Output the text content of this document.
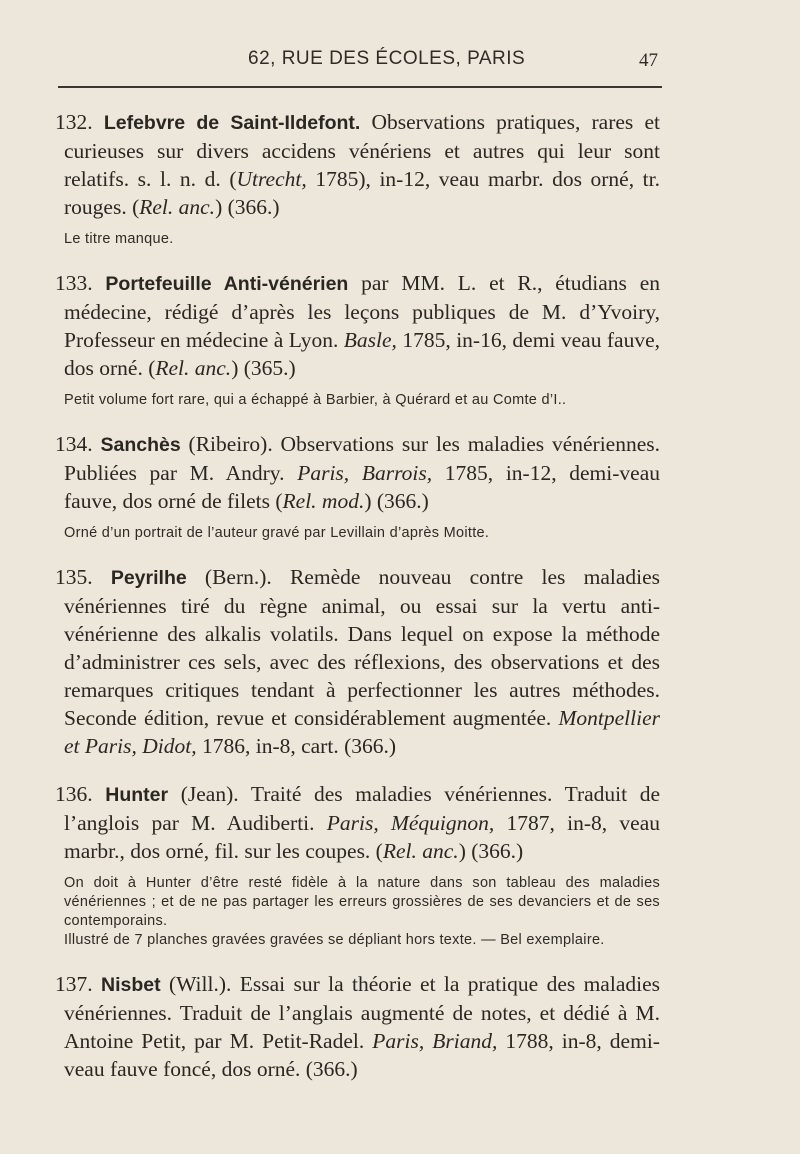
62, RUE DES ÉCOLES, PARIS	47
132. Lefebvre de Saint-Ildefont. Observations pratiques, rares et curieuses sur divers accidens vénériens et autres qui leur sont relatifs. s. l. n. d. (Utrecht, 1785), in-12, veau marbr. dos orné, tr. rouges. (Rel. anc.) (366.)
Le titre manque.
133. Portefeuille Anti-vénérien par MM. L. et R., étudians en médecine, rédigé d’après les leçons publiques de M. d’Yvoiry, Professeur en médecine à Lyon. Basle, 1785, in-16, demi veau fauve, dos orné. (Rel. anc.) (365.)
Petit volume fort rare, qui a échappé à Barbier, à Quérard et au Comte d’I..
134. Sanchès (Ribeiro). Observations sur les maladies vénériennes. Publiées par M. Andry. Paris, Barrois, 1785, in-12, demi-veau fauve, dos orné de filets (Rel. mod.) (366.)
Orné d’un portrait de l’auteur gravé par Levillain d’après Moitte.
135. Peyrilhe (Bern.). Remède nouveau contre les maladies vénériennes tiré du règne animal, ou essai sur la vertu anti-vénérienne des alkalis volatils. Dans lequel on expose la méthode d’administrer ces sels, avec des réflexions, des observations et des remarques critiques tendant à perfectionner les autres méthodes. Seconde édition, revue et considérablement augmentée. Montpellier et Paris, Didot, 1786, in-8, cart. (366.)
136. Hunter (Jean). Traité des maladies vénériennes. Traduit de l’anglois par M. Audiberti. Paris, Méquignon, 1787, in-8, veau marbr., dos orné, fil. sur les coupes. (Rel. anc.) (366.)
On doit à Hunter d’être resté fidèle à la nature dans son tableau des maladies vénériennes ; et de ne pas partager les erreurs grossières de ses devanciers et de ses contemporains.
Illustré de 7 planches gravées gravées se dépliant hors texte. — Bel exemplaire.
137. Nisbet (Will.). Essai sur la théorie et la pratique des maladies vénériennes. Traduit de l’anglais augmenté de notes, et dédié à M. Antoine Petit, par M. Petit-Radel. Paris, Briand, 1788, in-8, demi-veau fauve foncé, dos orné. (366.)
